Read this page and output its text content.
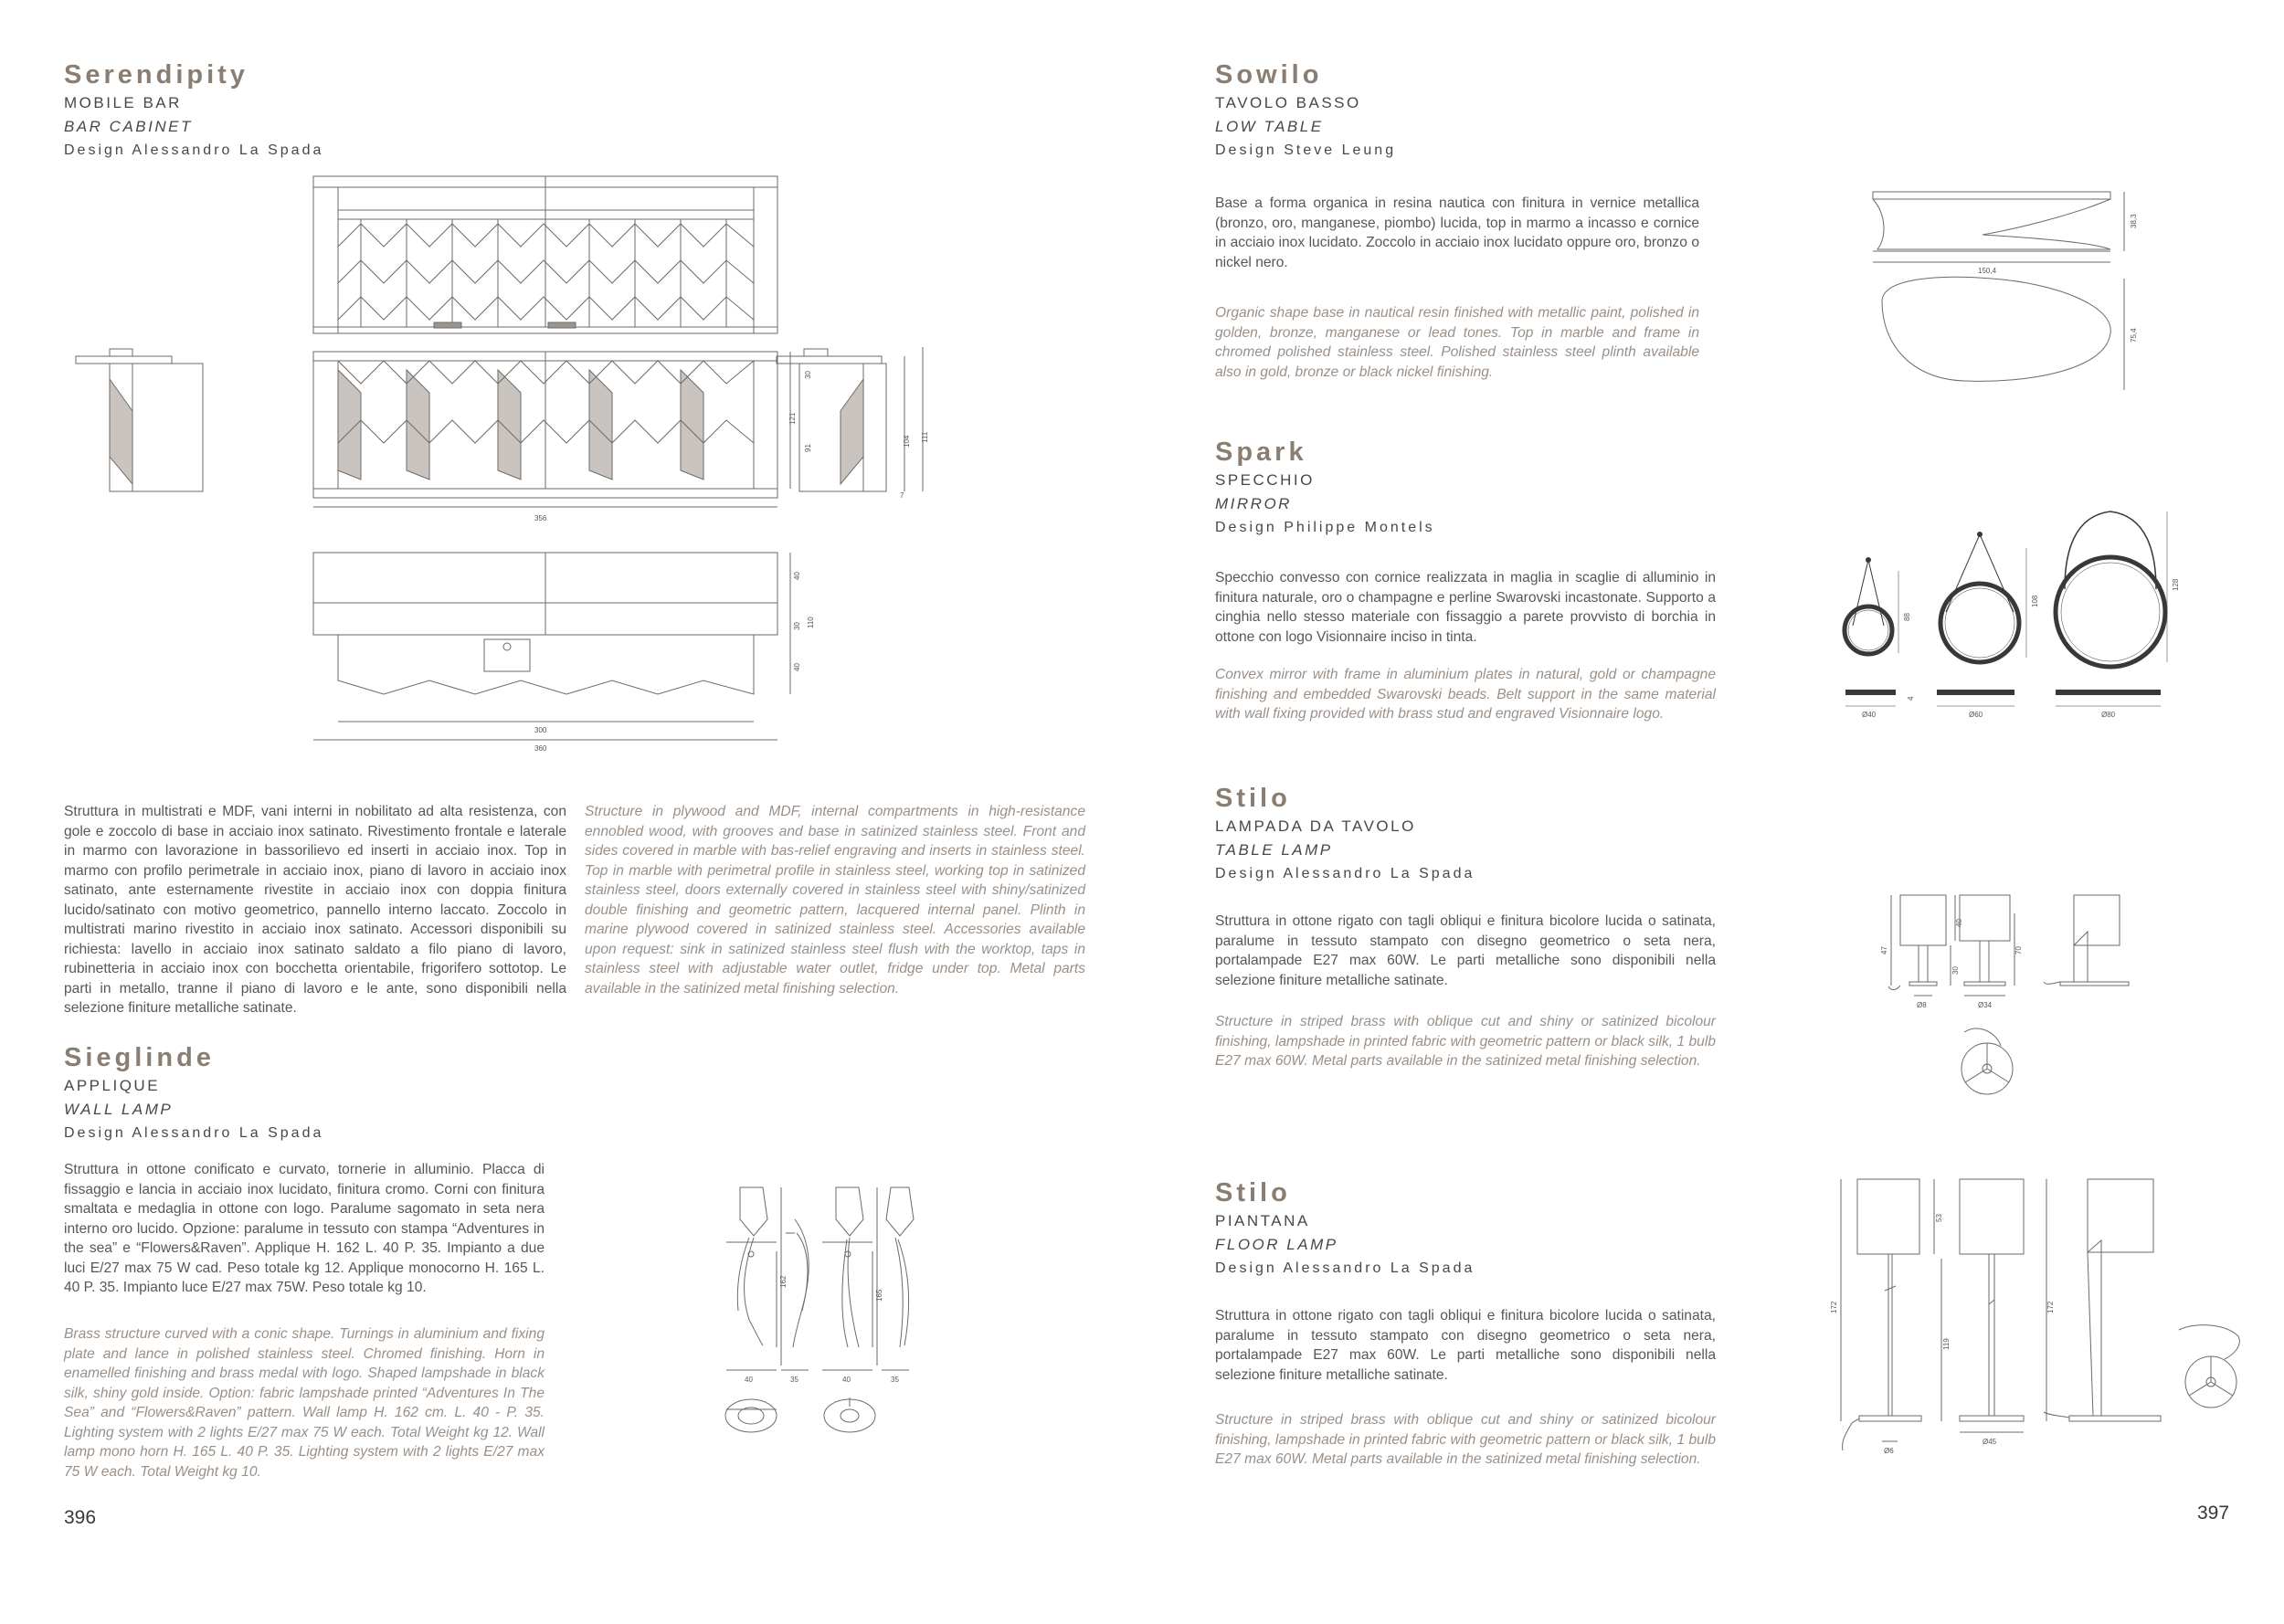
Serendipity
MOBILE BAR
BAR CABINET
Design Alessandro La Spada
356
121
30
91
104 111
7
40
30
40
110
300
360

Struttura in multistrati e MDF, vani interni in nobilitato ad alta resistenza, con gole e zoccolo di base in acciaio inox satinato. Rivestimento frontale e laterale in marmo con lavorazione in bassorilievo ed inserti in acciaio inox. Top in marmo con profilo perimetrale in acciaio inox, piano di lavoro in acciaio inox satinato, ante esternamente rivestite in acciaio inox con doppia finitura lucido/satinato con motivo geometrico, pannello interno laccato. Zoccolo in multistrati marino rivestito in acciaio inox satinato. Accessori disponibili su richiesta: lavello in acciaio inox satinato saldato a filo piano di lavoro, rubinetteria in acciaio inox con bocchetta orientabile, frigorifero sottotop. Le parti in metallo, tranne il piano di lavoro e le ante, sono disponibili nella selezione finiture metalliche satinate.

Structure in plywood and MDF, internal compartments in high-resistance ennobled wood, with grooves and base in satinized stainless steel. Front and sides covered in marble with bas-relief engraving and inserts in stainless steel. Top in marble with perimetral profile in stainless steel, working top in satinized stainless steel, doors externally covered in stainless steel with shiny/satinized double finishing and geometric pattern, lacquered internal panel. Plinth in marine plywood covered in satinized stainless steel. Accessories available upon request: sink in satinized stainless steel flush with the worktop, taps in stainless steel with adjustable water outlet, fridge under top. Metal parts available in the satinized metal finishing selection.

Sieglinde
APPLIQUE
WALL LAMP
Design Alessandro La Spada

Struttura in ottone conificato e curvato, tornerie in alluminio. Placca di fissaggio e lancia in acciaio inox lucidato, finitura cromo. Corni con finitura smaltata e medaglia in ottone con logo. Paralume sagomato in seta nera interno oro lucido. Opzione: paralume in tessuto con stampa “Adventures in the sea” e “Flowers&Raven”. Applique H. 162 L. 40 P. 35. Impianto a due luci E/27 max 75 W cad. Peso totale kg 12. Applique monocorno H. 165 L. 40 P. 35. Impianto luce E/27 max 75W. Peso totale kg 10.

Brass structure curved with a conic shape. Turnings in aluminium and fixing plate and lance in polished stainless steel. Chromed finishing. Horn in enamelled finishing and brass medal with logo. Shaped lampshade in black silk, shiny gold inside. Option: fabric lampshade printed “Adventures In The Sea” and “Flowers&Raven” pattern. Wall lamp H. 162 cm. L. 40 - P. 35. Lighting system with 2 lights E/27 max 75 W each. Total Weight kg 12. Wall lamp mono horn H. 165 L. 40 P. 35. Lighting system with 2 lights E/27 max 75 W each. Total Weight kg 10.

162
165
40	35	40	35
396
Sowilo
TAVOLO BASSO
LOW TABLE
Design Steve Leung

Base a forma organica in resina nautica con finitura in vernice metallica (bronzo, oro, manganese, piombo) lucida, top in marmo a incasso e cornice in acciaio inox lucidato. Zoccolo in acciaio inox lucidato oppure oro, bronzo o nickel nero.

Organic shape base in nautical resin finished with metallic paint, polished in golden, bronze, manganese or lead tones. Top in marble and frame in chromed polished stainless steel. Polished stainless steel plinth available also in gold, bronze or black nickel finishing.

38,3
150,4
75,4
Spark
SPECCHIO
MIRROR
Design Philippe Montels

Specchio convesso con cornice realizzata in maglia in scaglie di alluminio in finitura naturale, oro o champagne e perline Swarovski incastonate. Supporto a cinghia nello stesso materiale con fissaggio a parete provvisto di borchia in ottone con logo Visionnaire inciso in tinta.

Convex mirror with frame in aluminium plates in natural, gold or champagne finishing and embedded Swarovski beads. Belt support in the same material with wall fixing provided with brass stud and engraved Visionnaire logo.

88
108
128
Ø40	Ø60	Ø80
4
Stilo
LAMPADA DA TAVOLO
TABLE LAMP
Design Alessandro La Spada

Struttura in ottone rigato con tagli obliqui e finitura bicolore lucida o satinata, paralume in tessuto stampato con disegno geometrico o seta nera, portalampade E27 max 60W. Le parti metalliche sono disponibili nella selezione finiture metalliche satinate.

Structure in striped brass with oblique cut and shiny or satinized bicolour finishing, lampshade in printed fabric with geometric pattern or black silk, 1 bulb E27 max 60W. Metal parts available in the satinized metal finishing selection.

47
40
30
70
Ø8	Ø34
Stilo
PIANTANA
FLOOR LAMP
Design Alessandro La Spada

Struttura in ottone rigato con tagli obliqui e finitura bicolore lucida o satinata, paralume in tessuto stampato con disegno geometrico o seta nera, portalampade E27 max 60W. Le parti metalliche sono disponibili nella selezione finiture metalliche satinate.

Structure in striped brass with oblique cut and shiny or satinized bicolour finishing, lampshade in printed fabric with geometric pattern or black silk, 1 bulb E27 max 60W. Metal parts available in the satinized metal finishing selection.

172
53
119
172
Ø6
Ø45
397
